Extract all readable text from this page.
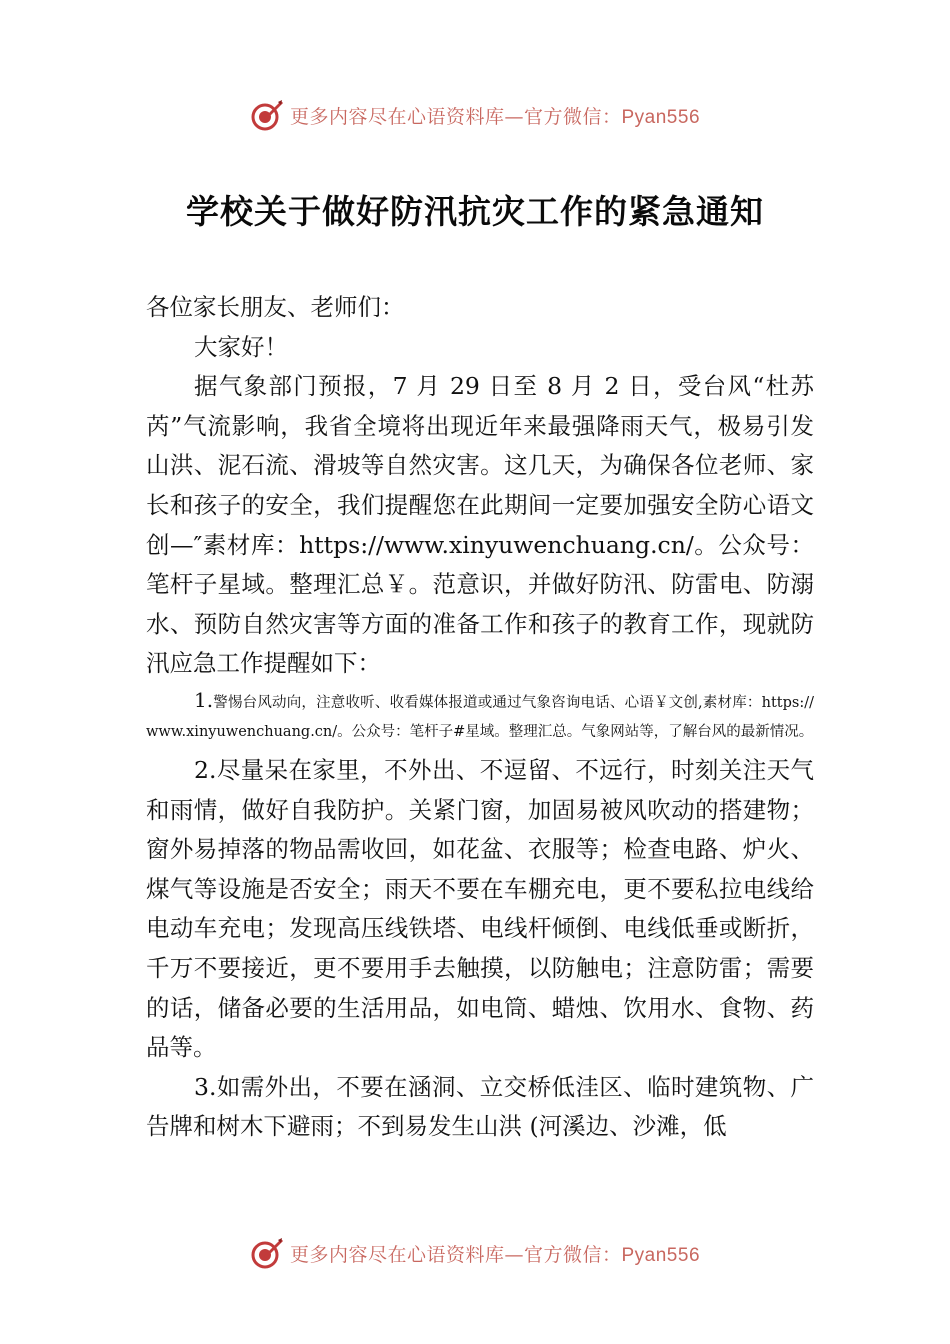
更多内容尽在心语资料库—官方微信：Pyan556
学校关于做好防汛抗灾工作的紧急通知

各位家长朋友、老师们：

大家好！

据气象部门预报，7 月 29 日至 8 月 2 日，受台风“杜苏芮”气流影响，我省全境将出现近年来最强降雨天气，极易引发山洪、泥石流、滑坡等自然灾害。这几天，为确保各位老师、家长和孩子的安全，我们提醒您在此期间一定要加强安全防心语文创—″素材库：https://www.xinyuwenchuang.cn/。公众号：笔杆子星域。整理汇总￥。范意识，并做好防汛、防雷电、防溺水、预防自然灾害等方面的准备工作和孩子的教育工作，现就防汛应急工作提醒如下：

1.警惕台风动向，注意收听、收看媒体报道或通过气象咨询电话、心语￥文创,素材库：https://www.xinyuwenchuang.cn/。公众号：笔杆子#星域。整理汇总。气象网站等，了解台风的最新情况。

2.尽量呆在家里，不外出、不逗留、不远行，时刻关注天气和雨情，做好自我防护。关紧门窗，加固易被风吹动的搭建物；窗外易掉落的物品需收回，如花盆、衣服等；检查电路、炉火、煤气等设施是否安全；雨天不要在车棚充电，更不要私拉电线给电动车充电；发现高压线铁塔、电线杆倾倒、电线低垂或断折，千万不要接近，更不要用手去触摸，以防触电；注意防雷；需要的话，储备必要的生活用品，如电筒、蜡烛、饮用水、食物、药品等。

3.如需外出，不要在涵洞、立交桥低洼区、临时建筑物、广告牌和树木下避雨；不到易发生山洪 (河溪边、沙滩，低

更多内容尽在心语资料库—官方微信：Pyan556
